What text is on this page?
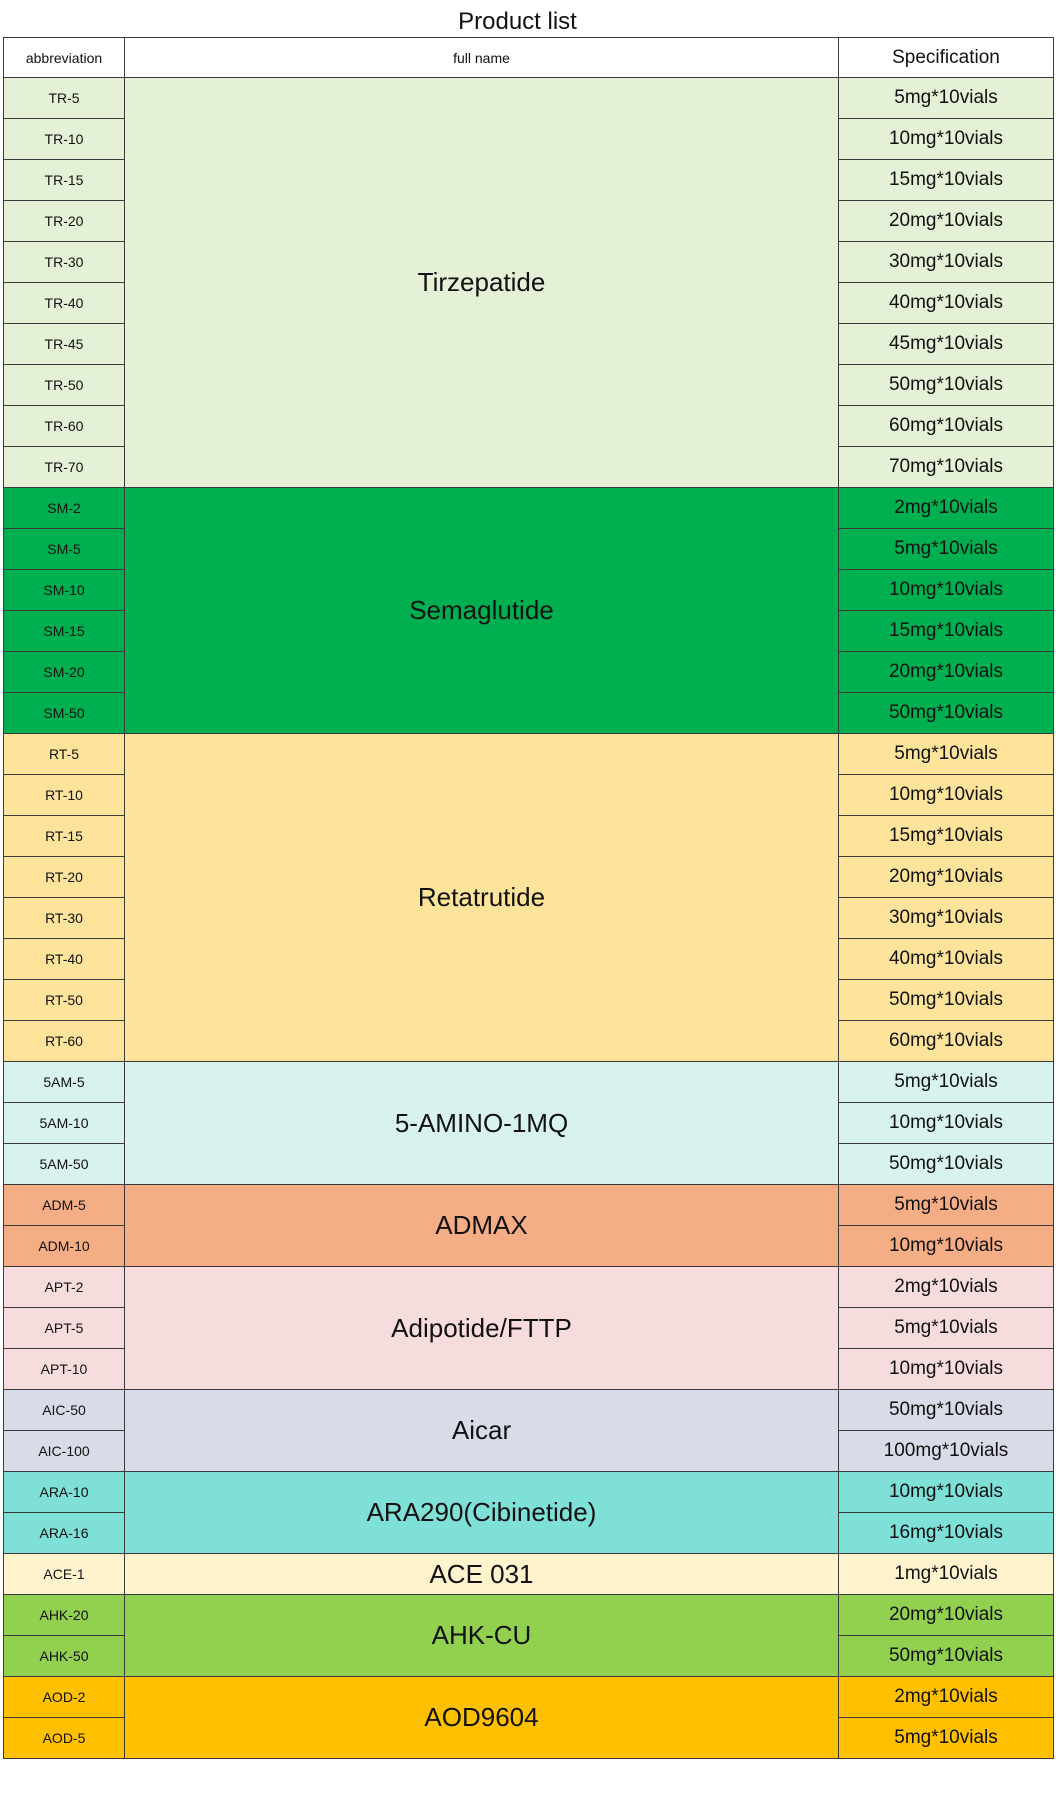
Product list
abbreviation	full name	Specification
TR-5	Tirzepatide	5mg*10vials
TR-10		10mg*10vials
TR-15		15mg*10vials
TR-20		20mg*10vials
TR-30		30mg*10vials
TR-40		40mg*10vials
TR-45		45mg*10vials
TR-50		50mg*10vials
TR-60		60mg*10vials
TR-70		70mg*10vials
SM-2	Semaglutide	2mg*10vials
SM-5		5mg*10vials
SM-10		10mg*10vials
SM-15		15mg*10vials
SM-20		20mg*10vials
SM-50		50mg*10vials
RT-5	Retatrutide	5mg*10vials
RT-10		10mg*10vials
RT-15		15mg*10vials
RT-20		20mg*10vials
RT-30		30mg*10vials
RT-40		40mg*10vials
RT-50		50mg*10vials
RT-60		60mg*10vials
5AM-5	5-AMINO-1MQ	5mg*10vials
5AM-10		10mg*10vials
5AM-50		50mg*10vials
ADM-5	ADMAX	5mg*10vials
ADM-10		10mg*10vials
APT-2	Adipotide/FTTP	2mg*10vials
APT-5		5mg*10vials
APT-10		10mg*10vials
AIC-50	Aicar	50mg*10vials
AIC-100		100mg*10vials
ARA-10	ARA290(Cibinetide)	10mg*10vials
ARA-16		16mg*10vials
ACE-1	ACE 031	1mg*10vials
AHK-20	AHK-CU	20mg*10vials
AHK-50		50mg*10vials
AOD-2	AOD9604	2mg*10vials
AOD-5		5mg*10vials
